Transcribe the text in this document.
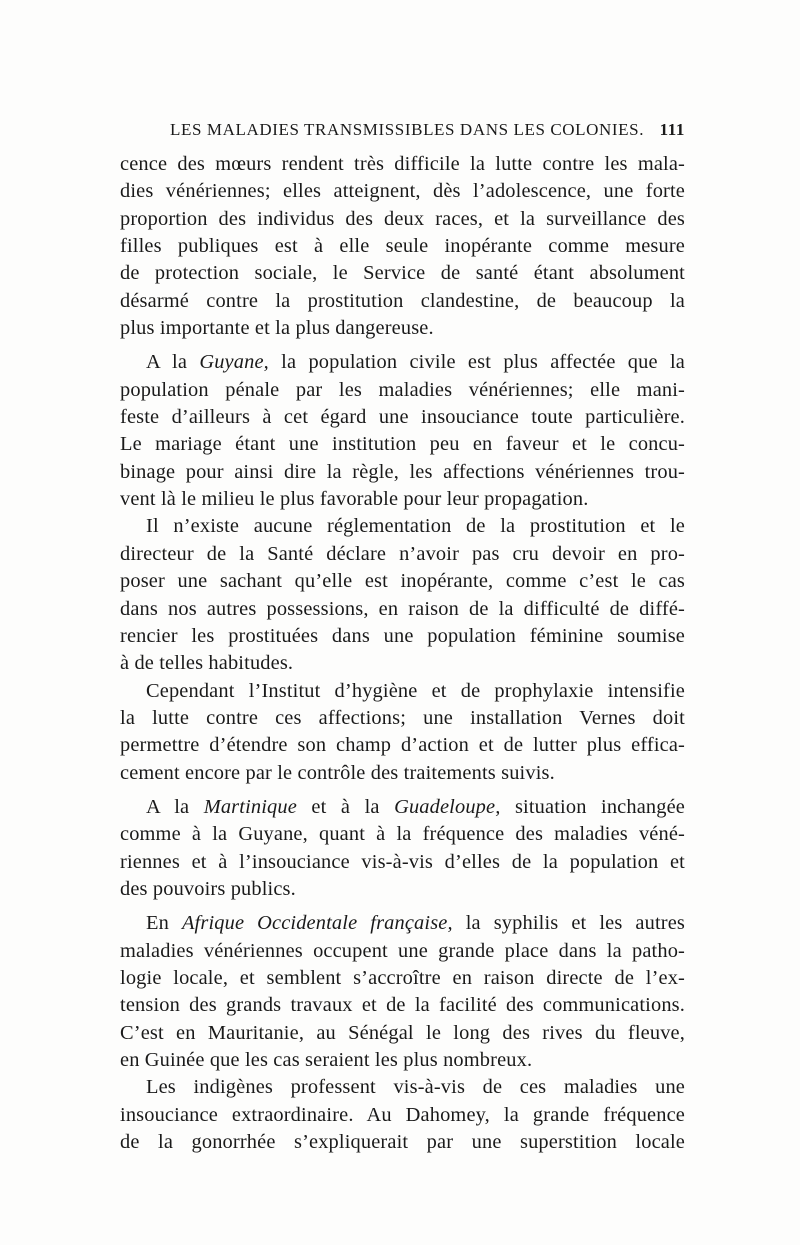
LES MALADIES TRANSMISSIBLES DANS LES COLONIES. 111
cence des mœurs rendent très difficile la lutte contre les mala-
dies vénériennes; elles atteignent, dès l’adolescence, une forte
proportion des individus des deux races, et la surveillance des
filles publiques est à elle seule inopérante comme mesure
de protection sociale, le Service de santé étant absolument
désarmé contre la prostitution clandestine, de beaucoup la
plus importante et la plus dangereuse.
A la Guyane, la population civile est plus affectée que la
population pénale par les maladies vénériennes; elle mani-
feste d’ailleurs à cet égard une insouciance toute particulière.
Le mariage étant une institution peu en faveur et le concu-
binage pour ainsi dire la règle, les affections vénériennes trou-
vent là le milieu le plus favorable pour leur propagation.
Il n’existe aucune réglementation de la prostitution et le
directeur de la Santé déclare n’avoir pas cru devoir en pro-
poser une sachant qu’elle est inopérante, comme c’est le cas
dans nos autres possessions, en raison de la difficulté de diffé-
rencier les prostituées dans une population féminine soumise
à de telles habitudes.
Cependant l’Institut d’hygiène et de prophylaxie intensifie
la lutte contre ces affections; une installation Vernes doit
permettre d’étendre son champ d’action et de lutter plus effica-
cement encore par le contrôle des traitements suivis.
A la Martinique et à la Guadeloupe, situation inchangée
comme à la Guyane, quant à la fréquence des maladies véné-
riennes et à l’insouciance vis-à-vis d’elles de la population et
des pouvoirs publics.
En Afrique Occidentale française, la syphilis et les autres
maladies vénériennes occupent une grande place dans la patho-
logie locale, et semblent s’accroître en raison directe de l’ex-
tension des grands travaux et de la facilité des communications.
C’est en Mauritanie, au Sénégal le long des rives du fleuve,
en Guinée que les cas seraient les plus nombreux.
Les indigènes professent vis-à-vis de ces maladies une
insouciance extraordinaire. Au Dahomey, la grande fréquence
de la gonorrhée s’expliquerait par une superstition locale
